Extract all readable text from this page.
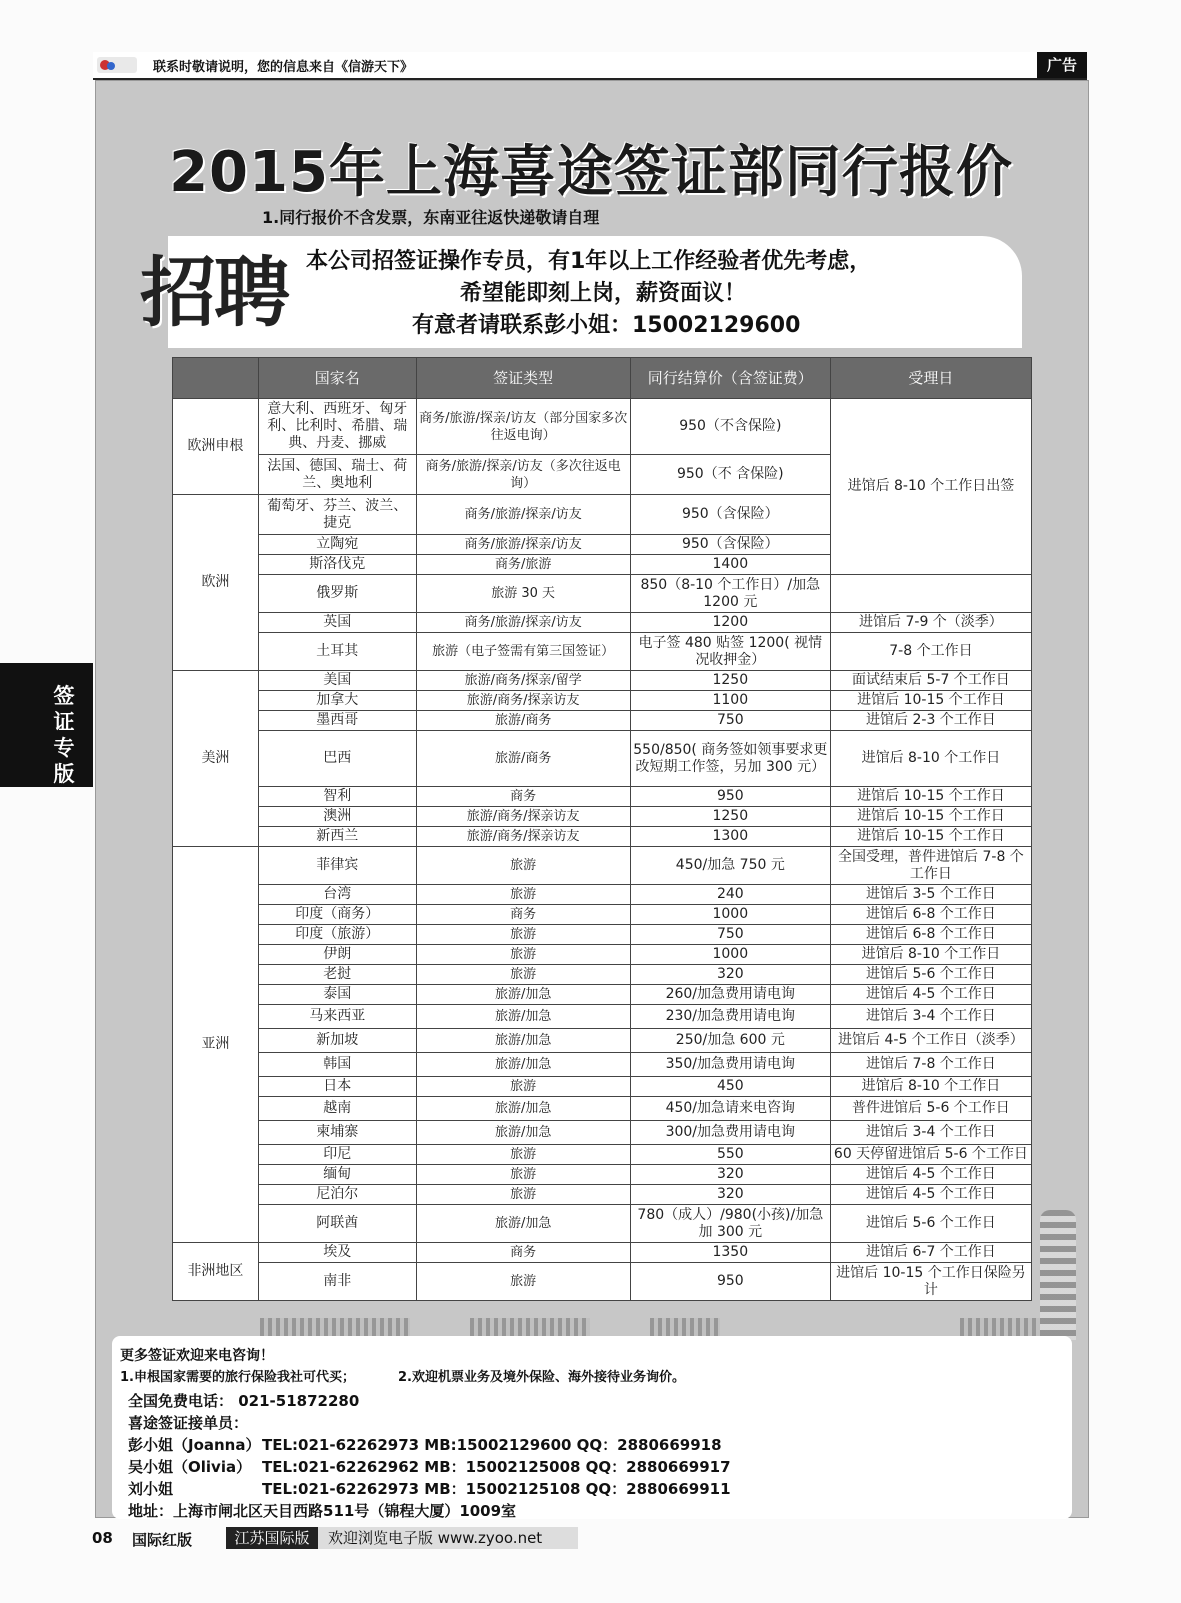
联系时敬请说明，您的信息来自《信游天下》	广告
2015年上海喜途签证部同行报价
1.同行报价不含发票，东南亚往返快递敬请自理
招聘 本公司招签证操作专员，有1年以上工作经验者优先考虑，
希望能即刻上岗，薪资面议！
有意者请联系彭小姐：15002129600
签证专版
	国家名	签证类型	同行结算价（含签证费）	受理日
欧洲申根	意大利、西班牙、匈牙利、比利时、希腊、瑞典、丹麦、挪威	商务/旅游/探亲/访友（部分国家多次往返电询）	950（不含保险)	进馆后 8-10 个工作日出签
	法国、德国、瑞士、荷兰、奥地利	商务/旅游/探亲/访友（多次往返电询）	950（不 含保险)	
欧洲	葡萄牙、芬兰、波兰、捷克	商务/旅游/探亲/访友	950（含保险）	
	立陶宛	商务/旅游/探亲/访友	950（含保险）	
	斯洛伐克	商务/旅游	1400	
	俄罗斯	旅游 30 天	850（8-10 个工作日）/加急 1200 元	
	英国	商务/旅游/探亲/访友	1200	进馆后 7-9 个（淡季）
	土耳其	旅游（电子签需有第三国签证）	电子签 480 贴签 1200( 视情况收押金）	7-8 个工作日
美洲	美国	旅游/商务/探亲/留学	1250	面试结束后 5-7 个工作日
	加拿大	旅游/商务/探亲访友	1100	进馆后 10-15 个工作日
	墨西哥	旅游/商务	750	进馆后 2-3 个工作日
	巴西	旅游/商务	550/850( 商务签如领事要求更改短期工作签，另加 300 元）	进馆后 8-10 个工作日
	智利	商务	950	进馆后 10-15 个工作日
	澳洲	旅游/商务/探亲访友	1250	进馆后 10-15 个工作日
	新西兰	旅游/商务/探亲访友	1300	进馆后 10-15 个工作日
亚洲	菲律宾	旅游	450/加急 750 元	全国受理，普件进馆后 7-8 个工作日
	台湾	旅游	240	进馆后 3-5 个工作日
	印度（商务）	商务	1000	进馆后 6-8 个工作日
	印度（旅游）	旅游	750	进馆后 6-8 个工作日
	伊朗	旅游	1000	进馆后 8-10 个工作日
	老挝	旅游	320	进馆后 5-6 个工作日
	泰国	旅游/加急	260/加急费用请电询	进馆后 4-5 个工作日
	马来西亚	旅游/加急	230/加急费用请电询	进馆后 3-4 个工作日
	新加坡	旅游/加急	250/加急 600 元	进馆后 4-5 个工作日（淡季）
	韩国	旅游/加急	350/加急费用请电询	进馆后 7-8 个工作日
	日本	旅游	450	进馆后 8-10 个工作日
	越南	旅游/加急	450/加急请来电咨询	普件进馆后 5-6 个工作日
	柬埔寨	旅游/加急	300/加急费用请电询	进馆后 3-4 个工作日
	印尼	旅游	550	60 天停留进馆后 5-6 个工作日
	缅甸	旅游	320	进馆后 4-5 个工作日
	尼泊尔	旅游	320	进馆后 4-5 个工作日
	阿联酋	旅游/加急	780（成人）/980(小孩)/加急加 300 元	进馆后 5-6 个工作日
非洲地区	埃及	商务	1350	进馆后 6-7 个工作日
	南非	旅游	950	进馆后 10-15 个工作日保险另计
更多签证欢迎来电咨询！
1.申根国家需要的旅行保险我社可代买；	2.欢迎机票业务及境外保险、海外接待业务询价。
全国免费电话： 021-51872280
喜途签证接单员：
彭小姐（Joanna） TEL:021-62262973 MB:15002129600 QQ：2880669918
吴小姐（Olivia） TEL:021-62262962 MB：15002125008 QQ：2880669917
刘小姐	TEL:021-62262973 MB：15002125108 QQ：2880669911
地址：上海市闸北区天目西路511号（锦程大厦）1009室
08 国际红版	江苏国际版	欢迎浏览电子版 www.zyoo.net
